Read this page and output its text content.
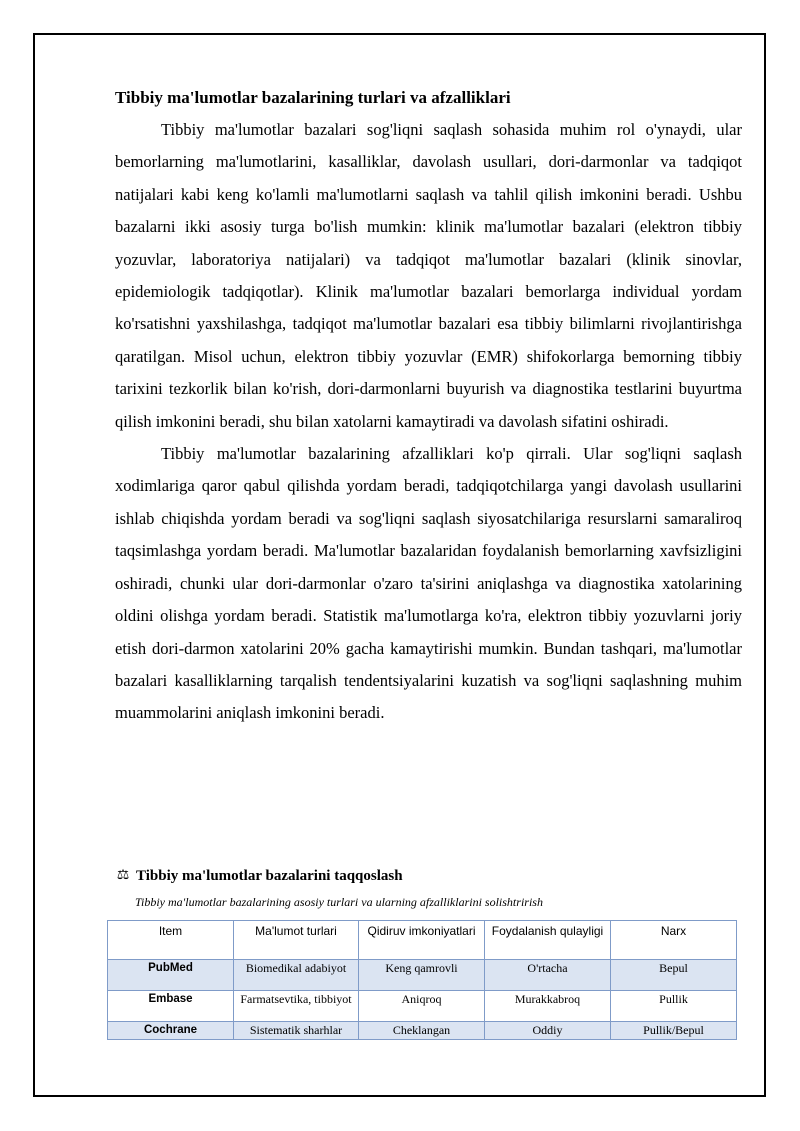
Tibbiy ma'lumotlar bazalarining turlari va afzalliklari

Tibbiy ma'lumotlar bazalari sog'liqni saqlash sohasida muhim rol o'ynaydi, ular bemorlarning ma'lumotlarini, kasalliklar, davolash usullari, dori-darmonlar va tadqiqot natijalari kabi keng ko'lamli ma'lumotlarni saqlash va tahlil qilish imkonini beradi. Ushbu bazalarni ikki asosiy turga bo'lish mumkin: klinik ma'lumotlar bazalari (elektron tibbiy yozuvlar, laboratoriya natijalari) va tadqiqot ma'lumotlar bazalari (klinik sinovlar, epidemiologik tadqiqotlar). Klinik ma'lumotlar bazalari bemorlarga individual yordam ko'rsatishni yaxshilashga, tadqiqot ma'lumotlar bazalari esa tibbiy bilimlarni rivojlantirishga qaratilgan. Misol uchun, elektron tibbiy yozuvlar (EMR) shifokorlarga bemorning tibbiy tarixini tezkorlik bilan ko'rish, dori-darmonlarni buyurish va diagnostika testlarini buyurtma qilish imkonini beradi, shu bilan xatolarni kamaytiradi va davolash sifatini oshiradi.

Tibbiy ma'lumotlar bazalarining afzalliklari ko'p qirrali. Ular sog'liqni saqlash xodimlariga qaror qabul qilishda yordam beradi, tadqiqotchilarga yangi davolash usullarini ishlab chiqishda yordam beradi va sog'liqni saqlash siyosatchilariga resurslarni samaraliroq taqsimlashga yordam beradi. Ma'lumotlar bazalaridan foydalanish bemorlarning xavfsizligini oshiradi, chunki ular dori-darmonlar o'zaro ta'sirini aniqlashga va diagnostika xatolarining oldini olishga yordam beradi. Statistik ma'lumotlarga ko'ra, elektron tibbiy yozuvlarni joriy etish dori-darmon xatolarini 20% gacha kamaytirishi mumkin. Bundan tashqari, ma'lumotlar bazalari kasalliklarning tarqalish tendentsiyalarini kuzatish va sog'liqni saqlashning muhim muammolarini aniqlash imkonini beradi.

⚖ Tibbiy ma'lumotlar bazalarini taqqoslash
Tibbiy ma'lumotlar bazalarining asosiy turlari va ularning afzalliklarini solishtrirish
Item	Ma'lumot turlari	Qidiruv imkoniyatlari	Foydalanish qulayligi	Narx
PubMed	Biomedikal adabiyot	Keng qamrovli	O'rtacha	Bepul
Embase	Farmatsevtika, tibbiyot	Aniqroq	Murakkabroq	Pullik
Cochrane	Sistematik sharhlar	Cheklangan	Oddiy	Pullik/Bepul
